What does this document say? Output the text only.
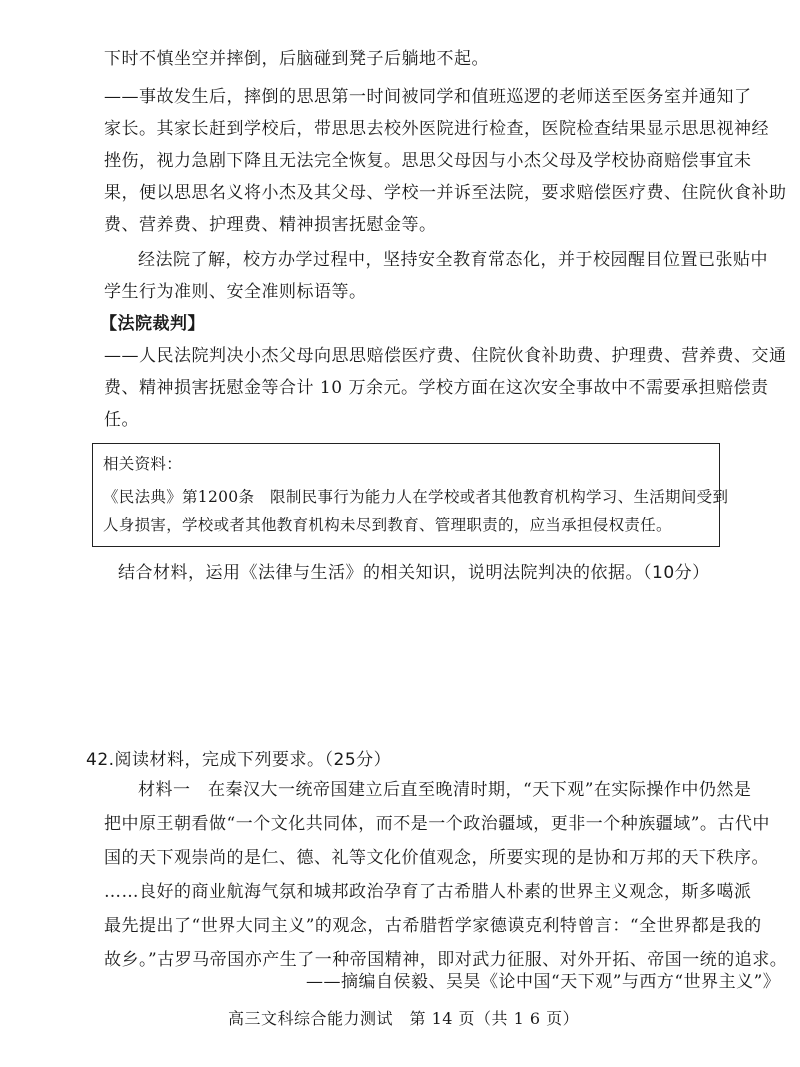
下时不慎坐空并摔倒，后脑碰到凳子后躺地不起。
——事故发生后，摔倒的思思第一时间被同学和值班巡逻的老师送至医务室并通知了
家长。其家长赶到学校后，带思思去校外医院进行检查，医院检查结果显示思思视神经
挫伤，视力急剧下降且无法完全恢复。思思父母因与小杰父母及学校协商赔偿事宜未
果，便以思思名义将小杰及其父母、学校一并诉至法院，要求赔偿医疗费、住院伙食补助
费、营养费、护理费、精神损害抚慰金等。
经法院了解，校方办学过程中，坚持安全教育常态化，并于校园醒目位置已张贴中
学生行为准则、安全准则标语等。
【法院裁判】
——人民法院判决小杰父母向思思赔偿医疗费、住院伙食补助费、护理费、营养费、交通
费、精神损害抚慰金等合计 10 万余元。学校方面在这次安全事故中不需要承担赔偿责
任。
相关资料：
《民法典》第1200条　限制民事行为能力人在学校或者其他教育机构学习、生活期间受到
人身损害，学校或者其他教育机构未尽到教育、管理职责的，应当承担侵权责任。
结合材料，运用《法律与生活》的相关知识，说明法院判决的依据。（10分）
42.阅读材料，完成下列要求。（25分）
材料一　在秦汉大一统帝国建立后直至晚清时期，“天下观”在实际操作中仍然是
把中原王朝看做“一个文化共同体，而不是一个政治疆域，更非一个种族疆域”。古代中
国的天下观崇尚的是仁、德、礼等文化价值观念，所要实现的是协和万邦的天下秩序。
……良好的商业航海气氛和城邦政治孕育了古希腊人朴素的世界主义观念，斯多噶派
最先提出了“世界大同主义”的观念，古希腊哲学家德谟克利特曾言：“全世界都是我的
故乡。”古罗马帝国亦产生了一种帝国精神，即对武力征服、对外开拓、帝国一统的追求。
——摘编自侯毅、吴昊《论中国“天下观”与西方“世界主义”》
高三文科综合能力测试　第 14 页（共 1 6 页）
